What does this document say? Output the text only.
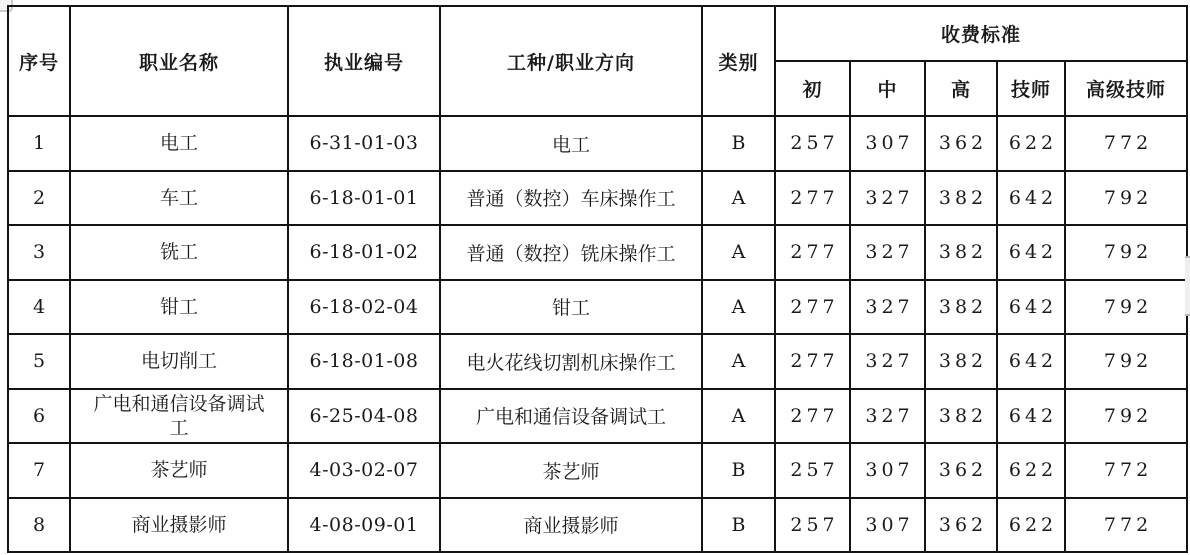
序号	职业名称	执业编号	工种/职业方向	类别	收费标准				
					初	中	高	技师	高级技师
1	电工	6-31-01-03	电工	B	257	307	362	622	772
2	车工	6-18-01-01	普通（数控）车床操作工	A	277	327	382	642	792
3	铣工	6-18-01-02	普通（数控）铣床操作工	A	277	327	382	642	792
4	钳工	6-18-02-04	钳工	A	277	327	382	642	792
5	电切削工	6-18-01-08	电火花线切割机床操作工	A	277	327	382	642	792
6	广电和通信设备调试工	6-25-04-08	广电和通信设备调试工	A	277	327	382	642	792
7	茶艺师	4-03-02-07	茶艺师	B	257	307	362	622	772
8	商业摄影师	4-08-09-01	商业摄影师	B	257	307	362	622	772
